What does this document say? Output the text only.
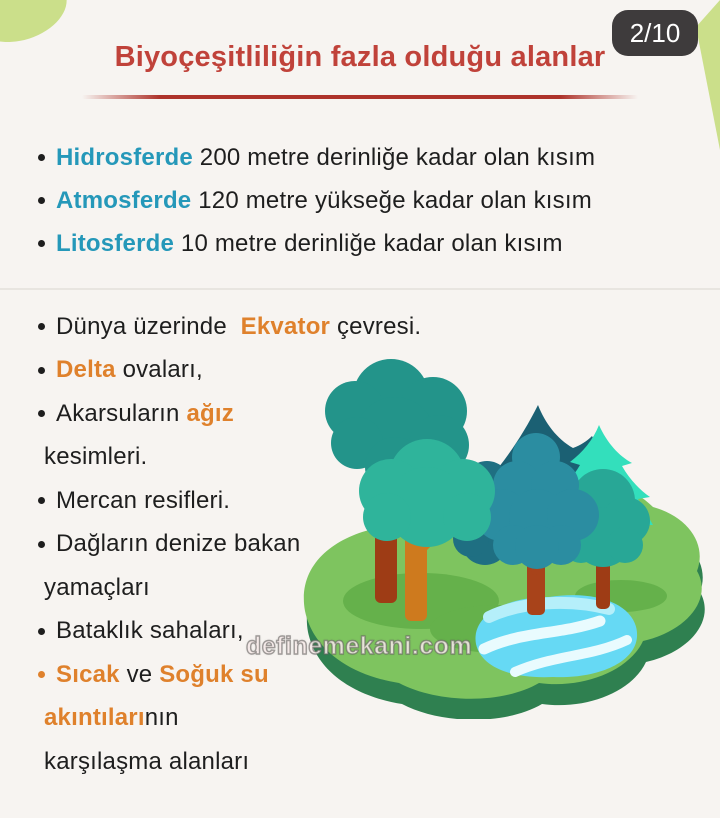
2/10
Biyoçeşitliliğin fazla olduğu alanlar
Hidrosferde 200 metre derinliğe kadar olan kısım
Atmosferde 120 metre yükseğe kadar olan kısım
Litosferde 10 metre derinliğe kadar olan kısım
Dünya üzerinde Ekvator çevresi.
Delta ovaları,
Akarsuların ağız
kesimleri.
Mercan resifleri.
Dağların denize bakan
yamaçları
Bataklık sahaları,
Sıcak ve Soğuk su
akıntıları nın
karşılaşma alanları
definemekani.com
